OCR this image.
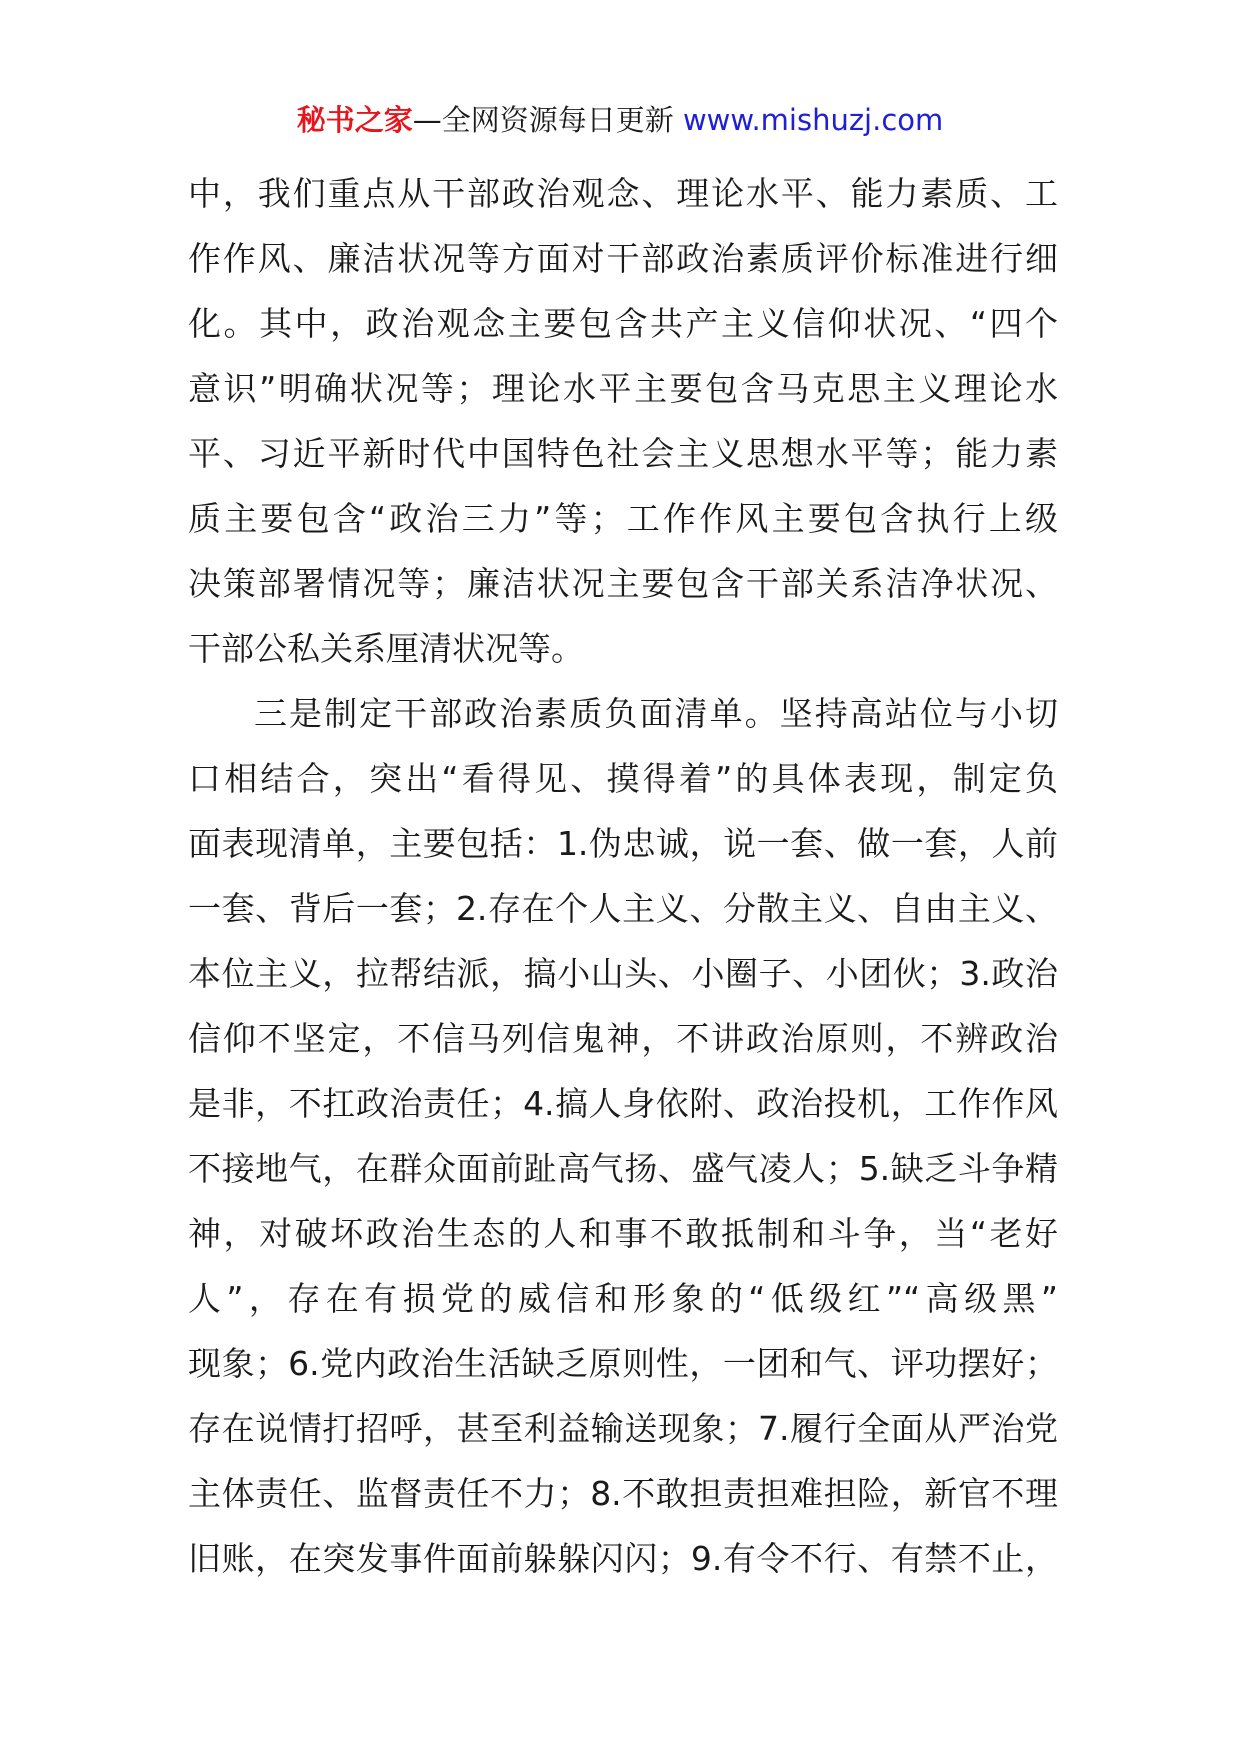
秘书之家—全网资源每日更新 www.mishuzj.com
中，我们重点从干部政治观念、理论水平、能力素质、工
作作风、廉洁状况等方面对干部政治素质评价标准进行细
化。其中，政治观念主要包含共产主义信仰状况、“四个
意识”明确状况等；理论水平主要包含马克思主义理论水
平、习近平新时代中国特色社会主义思想水平等；能力素
质主要包含“政治三力”等；工作作风主要包含执行上级
决策部署情况等；廉洁状况主要包含干部关系洁净状况、
干部公私关系厘清状况等。
三是制定干部政治素质负面清单。坚持高站位与小切
口相结合，突出“看得见、摸得着”的具体表现，制定负
面表现清单，主要包括：1.伪忠诚，说一套、做一套，人前
一套、背后一套；2.存在个人主义、分散主义、自由主义、
本位主义，拉帮结派，搞小山头、小圈子、小团伙；3.政治
信仰不坚定，不信马列信鬼神，不讲政治原则，不辨政治
是非，不扛政治责任；4.搞人身依附、政治投机，工作作风
不接地气，在群众面前趾高气扬、盛气凌人；5.缺乏斗争精
神，对破坏政治生态的人和事不敢抵制和斗争，当“老好
人”，存在有损党的威信和形象的“低级红”“高级黑”
现象；6.党内政治生活缺乏原则性，一团和气、评功摆好；
存在说情打招呼，甚至利益输送现象；7.履行全面从严治党
主体责任、监督责任不力；8.不敢担责担难担险，新官不理
旧账，在突发事件面前躲躲闪闪；9.有令不行、有禁不止，
